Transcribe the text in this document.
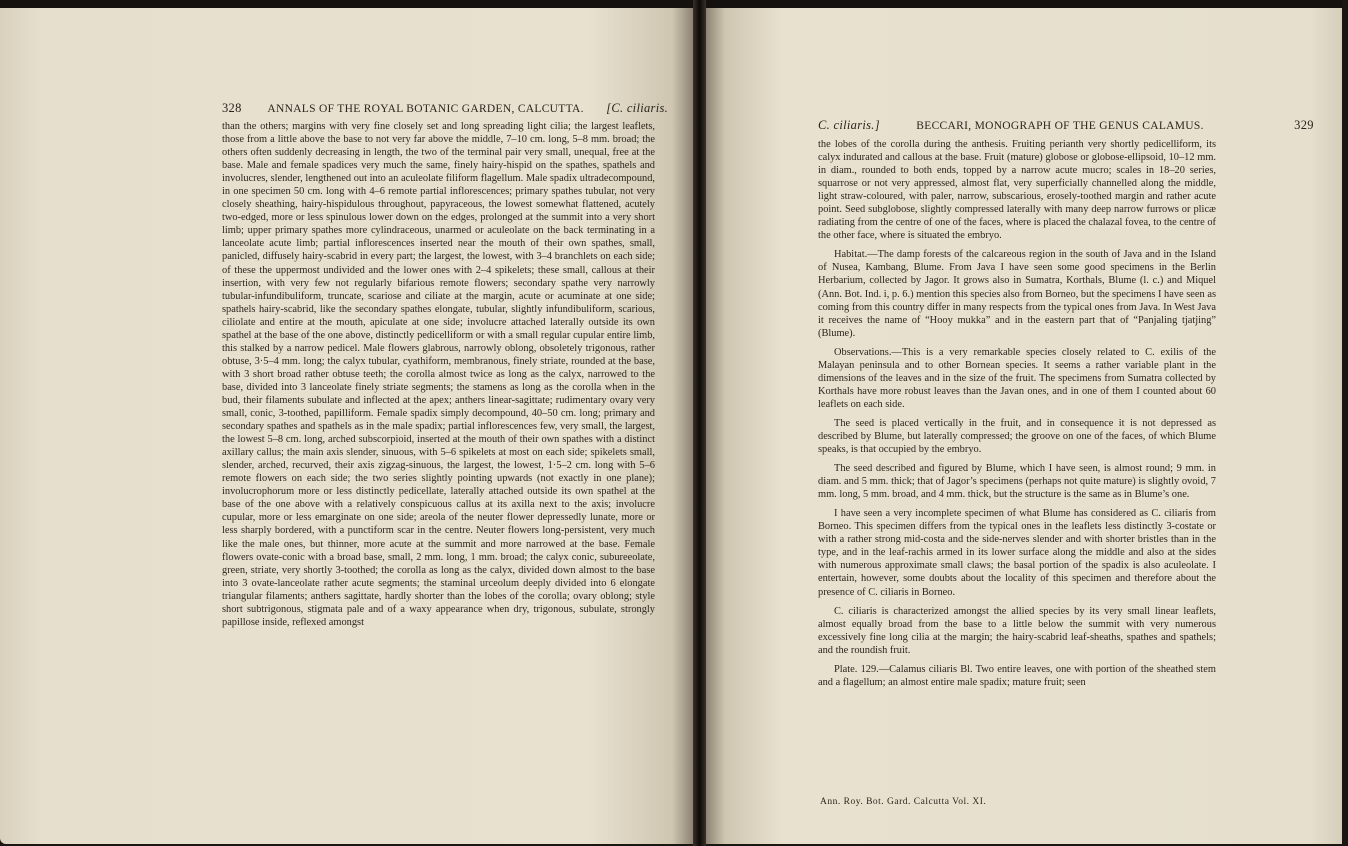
328 ANNALS OF THE ROYAL BOTANIC GARDEN, CALCUTTA. [C. ciliaris.

than the others; margins with very fine closely set and long spreading light cilia; the largest leaflets, those from a little above the base to not very far above the middle, 7–10 cm. long, 5–8 mm. broad; the others often suddenly decreasing in length, the two of the terminal pair very small, unequal, free at the base. Male and female spadices very much the same, finely hairy-hispid on the spathes, spathels and involucres, slender, lengthened out into an aculeolate filiform flagellum. Male spadix ultradecompound, in one specimen 50 cm. long with 4–6 remote partial inflorescences; primary spathes tubular, not very closely sheathing, hairy-hispidulous throughout, papyraceous, the lowest somewhat flattened, acutely two-edged, more or less spinulous lower down on the edges, prolonged at the summit into a very short limb; upper primary spathes more cylindraceous, unarmed or aculeolate on the back terminating in a lanceolate acute limb; partial inflorescences inserted near the mouth of their own spathes, small, panicled, diffusely hairy-scabrid in every part; the largest, the lowest, with 3–4 branchlets on each side; of these the uppermost undivided and the lower ones with 2–4 spikelets; these small, callous at their insertion, with very few not regularly bifarious remote flowers; secondary spathe very narrowly tubular-infundibuliform, truncate, scariose and ciliate at the margin, acute or acuminate at one side; spathels hairy-scabrid, like the secondary spathes elongate, tubular, slightly infundibuliform, scarious, ciliolate and entire at the mouth, apiculate at one side; involucre attached laterally outside its own spathel at the base of the one above, distinctly pedicelliform or with a small regular cupular entire limb, this stalked by a narrow pedicel. Male flowers glabrous, narrowly oblong, obsoletely trigonous, rather obtuse, 3·5–4 mm. long; the calyx tubular, cyathiform, membranous, finely striate, rounded at the base, with 3 short broad rather obtuse teeth; the corolla almost twice as long as the calyx, narrowed to the base, divided into 3 lanceolate finely striate segments; the stamens as long as the corolla when in the bud, their filaments subulate and inflected at the apex; anthers linear-sagittate; rudimentary ovary very small, conic, 3-toothed, papilliform. Female spadix simply decompound, 40–50 cm. long; primary and secondary spathes and spathels as in the male spadix; partial inflorescences few, very small, the largest, the lowest 5–8 cm. long, arched subscorpioid, inserted at the mouth of their own spathes with a distinct axillary callus; the main axis slender, sinuous, with 5–6 spikelets at most on each side; spikelets small, slender, arched, recurved, their axis zigzag-sinuous, the largest, the lowest, 1·5–2 cm. long with 5–6 remote flowers on each side; the two series slightly pointing upwards (not exactly in one plane); involucrophorum more or less distinctly pedicellate, laterally attached outside its own spathel at the base of the one above with a relatively conspicuous callus at its axilla next to the axis; involucre cupular, more or less emarginate on one side; areola of the neuter flower depressedly lunate, more or less sharply bordered, with a punctiform scar in the centre. Neuter flowers long-persistent, very much like the male ones, but thinner, more acute at the summit and more narrowed at the base. Female flowers ovate-conic with a broad base, small, 2 mm. long, 1 mm. broad; the calyx conic, subureeolate, green, striate, very shortly 3-toothed; the corolla as long as the calyx, divided down almost to the base into 3 ovate-lanceolate rather acute segments; the staminal urceolum deeply divided into 6 elongate triangular filaments; anthers sagittate, hardly shorter than the lobes of the corolla; ovary oblong; style short subtrigonous, stigmata pale and of a waxy appearance when dry, trigonous, subulate, strongly papillose inside, reflexed amongst

C. ciliaris.]	BECCARI, MONOGRAPH OF THE GENUS CALAMUS.	329

the lobes of the corolla during the anthesis. Fruiting perianth very shortly pedicelliform, its calyx indurated and callous at the base. Fruit (mature) globose or globose-ellipsoid, 10–12 mm. in diam., rounded to both ends, topped by a narrow acute mucro; scales in 18–20 series, squarrose or not very appressed, almost flat, very superficially channelled along the middle, light straw-coloured, with paler, narrow, subscarious, erosely-toothed margin and rather acute point. Seed subglobose, slightly compressed laterally with many deep narrow furrows or plicæ radiating from the centre of one of the faces, where is placed the chalazal fovea, to the centre of the other face, where is situated the embryo.

Habitat.—The damp forests of the calcareous region in the south of Java and in the Island of Nusea, Kambang, Blume. From Java I have seen some good specimens in the Berlin Herbarium, collected by Jagor. It grows also in Sumatra, Korthals, Blume (l. c.) and Miquel (Ann. Bot. Ind. i, p. 6.) mention this species also from Borneo, but the specimens I have seen as coming from this country differ in many respects from the typical ones from Java. In West Java it receives the name of “Hooy mukka” and in the eastern part that of “Panjaling tjatjing” (Blume).

Observations.—This is a very remarkable species closely related to C. exilis of the Malayan peninsula and to other Bornean species. It seems a rather variable plant in the dimensions of the leaves and in the size of the fruit. The specimens from Sumatra collected by Korthals have more robust leaves than the Javan ones, and in one of them I counted about 60 leaflets on each side.

The seed is placed vertically in the fruit, and in consequence it is not depressed as described by Blume, but laterally compressed; the groove on one of the faces, of which Blume speaks, is that occupied by the embryo.

The seed described and figured by Blume, which I have seen, is almost round; 9 mm. in diam. and 5 mm. thick; that of Jagor’s specimens (perhaps not quite mature) is slightly ovoid, 7 mm. long, 5 mm. broad, and 4 mm. thick, but the structure is the same as in Blume’s one.

I have seen a very incomplete specimen of what Blume has considered as C. ciliaris from Borneo. This specimen differs from the typical ones in the leaflets less distinctly 3-costate or with a rather strong mid-costa and the side-nerves slender and with shorter bristles than in the type, and in the leaf-rachis armed in its lower surface along the middle and also at the sides with numerous approximate small claws; the basal portion of the spadix is also aculeolate. I entertain, however, some doubts about the locality of this specimen and therefore about the presence of C. ciliaris in Borneo.

C. ciliaris is characterized amongst the allied species by its very small linear leaflets, almost equally broad from the base to a little below the summit with very numerous excessively fine long cilia at the margin; the hairy-scabrid leaf-sheaths, spathes and spathels; and the roundish fruit.

Plate. 129.—Calamus ciliaris Bl. Two entire leaves, one with portion of the sheathed stem and a flagellum; an almost entire male spadix; mature fruit; seen

Ann. Roy. Bot. Gard. Calcutta Vol. XI.
